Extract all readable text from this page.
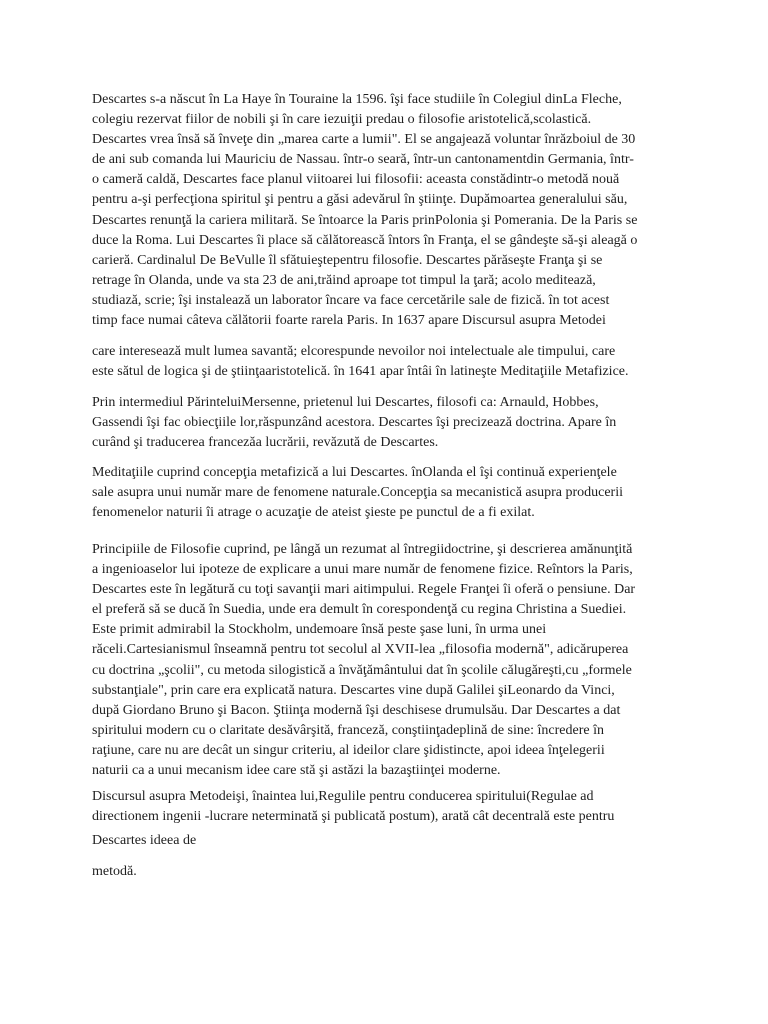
Descartes s-a născut în La Haye în Touraine la 1596. îşi face studiile în Colegiul dinLa Fleche,
colegiu rezervat fiilor de nobili şi în care iezuiţii predau o filosofie aristotelică,scolastică.
Descartes vrea însă să înveţe din „marea carte a lumii". El se angajează voluntar înrăzboiul de 30
de ani sub comanda lui Mauriciu de Nassau. într-o seară, într-un cantonamentdin Germania, într-
o cameră caldă, Descartes face planul viitoarei lui filosofii: aceasta constădintr-o metodă nouă
pentru a-şi perfecţiona spiritul şi pentru a găsi adevărul în ştiinţe. Dupămoartea generalului său,
Descartes renunţă la cariera militară. Se întoarce la Paris prinPolonia şi Pomerania. De la Paris se
duce la Roma. Lui Descartes îi place să călătorească întors în Franţa, el se gândeşte să-şi aleagă o
carieră. Cardinalul De BeVulle îl sfătuieştepentru filosofie. Descartes părăseşte Franţa şi se
retrage în Olanda, unde va sta 23 de ani,trăind aproape tot timpul la ţară; acolo meditează,
studiază, scrie; îşi instalează un laborator încare va face cercetările sale de fizică. în tot acest
timp face numai câteva călătorii foarte rarela Paris. In 1637 apare Discursul asupra Metodei
care interesează mult lumea savantă; elcorespunde nevoilor noi intelectuale ale timpului, care
este sătul de logica şi de ştiinţaaristotelică. în 1641 apar întâi în latineşte Meditaţiile Metafizice.
Prin intermediul PărinteluiMersenne, prietenul lui Descartes, filosofi ca: Arnauld, Hobbes,
Gassendi îşi fac obiecţiile lor,răspunzând acestora. Descartes îşi precizează doctrina. Apare în
curând şi traducerea francezăa lucrării, revăzută de Descartes.
Meditaţiile cuprind concepţia metafizică a lui Descartes. înOlanda el îşi continuă experienţele
sale asupra unui număr mare de fenomene naturale.Concepţia sa mecanistică asupra producerii
fenomenelor naturii îi atrage o acuzaţie de ateist şieste pe punctul de a fi exilat.
Principiile de Filosofie cuprind, pe lângă un rezumat al întregiidoctrine, şi descrierea amănunţită
a ingenioaselor lui ipoteze de explicare a unui mare număr de fenomene fizice. Reîntors la Paris,
Descartes este în legătură cu toţi savanţii mari aitimpului. Regele Franţei îi oferă o pensiune. Dar
el preferă să se ducă în Suedia, unde era demult în corespondenţă cu regina Christina a Suediei.
Este primit admirabil la Stockholm, undemoare însă peste şase luni, în urma unei
răceli.Cartesianismul înseamnă pentru tot secolul al XVII-lea „filosofia modernă", adicăruperea
cu doctrina „şcolii", cu metoda silogistică a învăţământului dat în şcolile călugăreşti,cu „formele
substanţiale", prin care era explicată natura. Descartes vine după Galilei şiLeonardo da Vinci,
după Giordano Bruno şi Bacon. Ştiinţa modernă îşi deschisese drumulsău. Dar Descartes a dat
spiritului modern cu o claritate desăvârşită, franceză, conştiinţadeplină de sine: încredere în
raţiune, care nu are decât un singur criteriu, al ideilor clare şidistincte, apoi ideea înţelegerii
naturii ca a unui mecanism idee care stă şi astăzi la bazaştiinţei moderne.
Discursul asupra Metodeişi, înaintea lui,Regulile pentru conducerea spiritului(Regulae ad
directionem ingenii -lucrare neterminată şi publicată postum), arată cât decentrală este pentru
Descartes ideea de
metodă.
